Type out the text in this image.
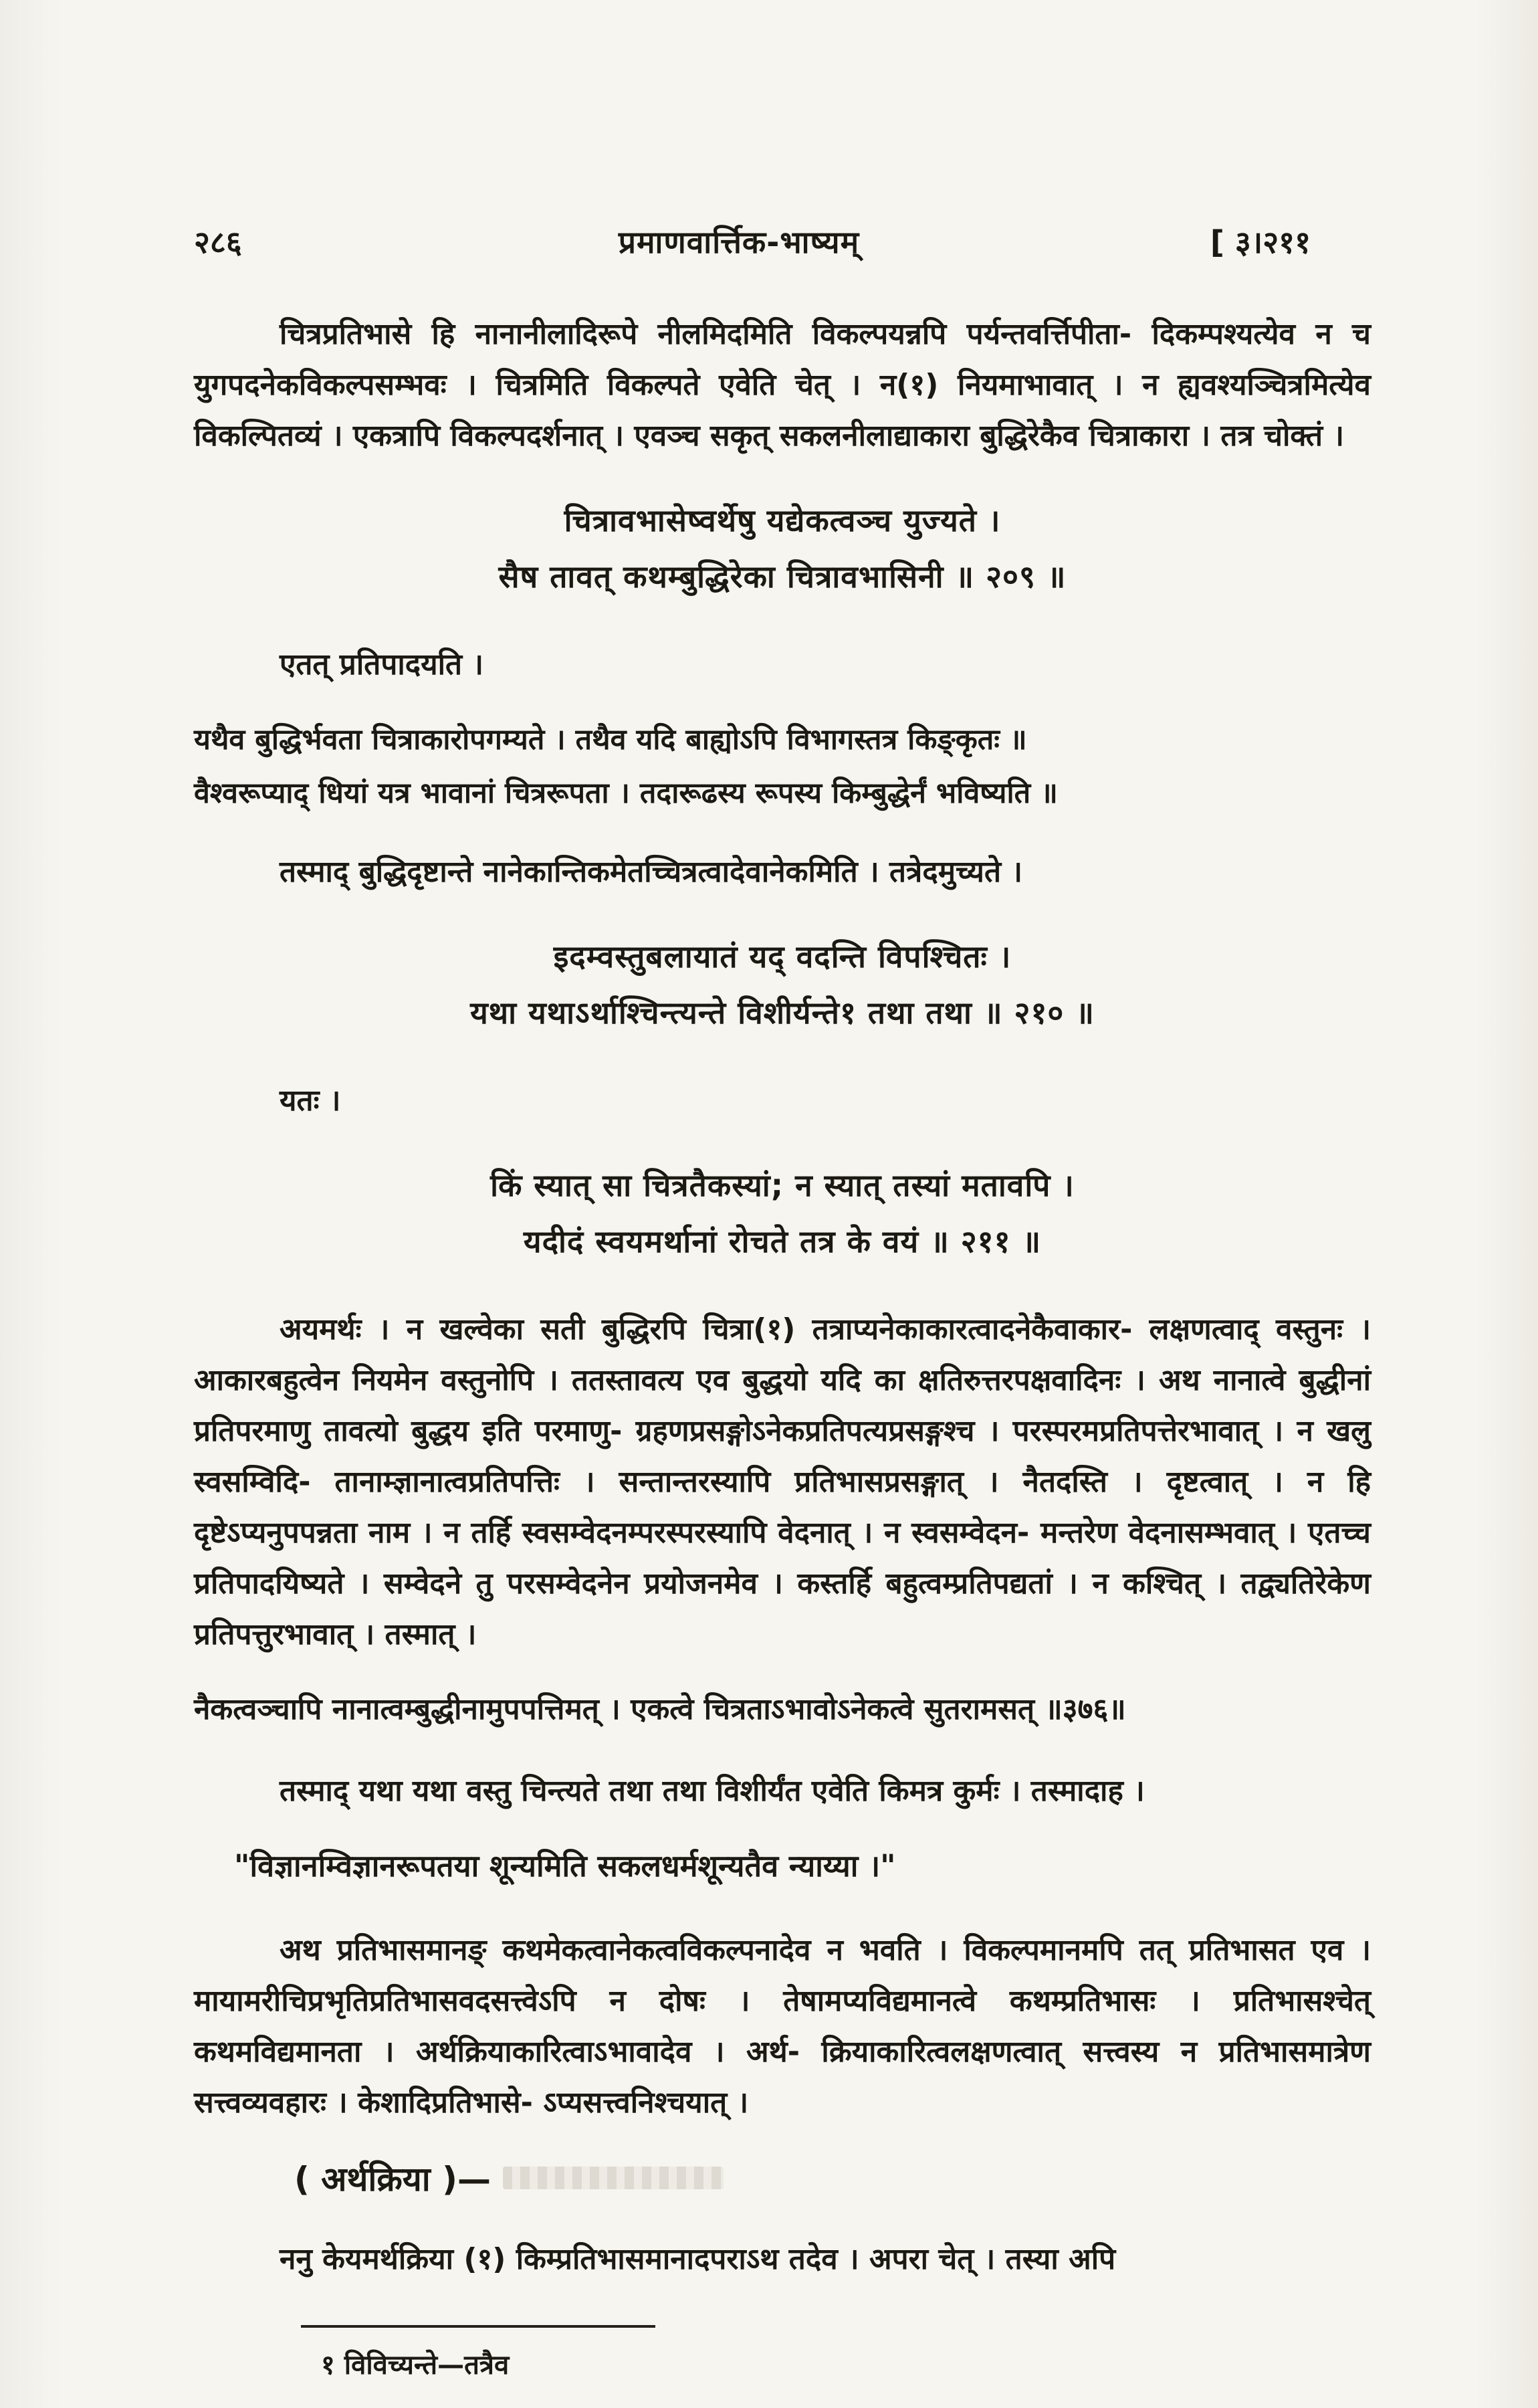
२८६	प्रमाणवार्त्तिक-भाष्यम्	[ ३।२११

चित्रप्रतिभासे हि नानानीलादिरूपे नीलमिदमिति विकल्पयन्नपि पर्यन्तवर्त्तिपीता- दिकम्पश्यत्येव न च युगपदनेकविकल्पसम्भवः । चित्रमिति विकल्पते एवेति चेत् । न(१) नियमाभावात् । न ह्यवश्यञ्चित्रमित्येव विकल्पितव्यं । एकत्रापि विकल्पदर्शनात् । एवञ्च सकृत् सकलनीलाद्याकारा बुद्धिरेकैव चित्राकारा । तत्र चोक्तं ।

चित्रावभासेष्वर्थेषु यद्येकत्वञ्च युज्यते ।
सैष तावत् कथम्बुद्धिरेका चित्रावभासिनी ॥ २०९ ॥

एतत् प्रतिपादयति ।

यथैव बुद्धिर्भवता चित्राकारोपगम्यते । तथैव यदि बाह्योऽपि विभागस्तत्र किङ्कृतः ॥
वैश्वरूप्याद् धियां यत्र भावानां चित्ररूपता । तदारूढस्य रूपस्य किम्बुद्धेर्नं भविष्यति ॥

तस्माद् बुद्धिदृष्टान्ते नानेकान्तिकमेतच्चित्रत्वादेवानेकमिति । तत्रेदमुच्यते ।

इदम्वस्तुबलायातं यद् वदन्ति विपश्चितः ।
यथा यथाऽर्थाश्चिन्त्यन्ते विशीर्यन्ते१ तथा तथा ॥ २१० ॥

यतः ।

किं स्यात् सा चित्रतैकस्यां; न स्यात् तस्यां मतावपि ।
यदीदं स्वयमर्थानां रोचते तत्र के वयं ॥ २११ ॥

अयमर्थः । न खल्वेका सती बुद्धिरपि चित्रा(१) तत्राप्यनेकाकारत्वादनेकैवाकार- लक्षणत्वाद् वस्तुनः । आकारबहुत्वेन नियमेन वस्तुनोपि । ततस्तावत्य एव बुद्धयो यदि का क्षतिरुत्तरपक्षवादिनः । अथ नानात्वे बुद्धीनां प्रतिपरमाणु तावत्यो बुद्धय इति परमाणु- ग्रहणप्रसङ्गोऽनेकप्रतिपत्यप्रसङ्गश्च । परस्परमप्रतिपत्तेरभावात् । न खलु स्वसम्विदि- तानाम्ज्ञानात्वप्रतिपत्तिः । सन्तान्तरस्यापि प्रतिभासप्रसङ्गात् । नैतदस्ति । दृष्टत्वात् । न हि दृष्टेऽप्यनुपपन्नता नाम । न तर्हि स्वसम्वेदनम्परस्परस्यापि वेदनात् । न स्वसम्वेदन- मन्तरेण वेदनासम्भवात् । एतच्च प्रतिपादयिष्यते । सम्वेदने तु परसम्वेदनेन प्रयोजनमेव । कस्तर्हि बहुत्वम्प्रतिपद्यतां । न कश्चित् । तद्व्यतिरेकेण प्रतिपत्तुरभावात् । तस्मात् ।

नैकत्वञ्चापि नानात्वम्बुद्धीनामुपपत्तिमत् । एकत्वे चित्रताऽभावोऽनेकत्वे सुतरामसत् ॥३७६॥

तस्माद् यथा यथा वस्तु चिन्त्यते तथा तथा विशीर्यंत एवेति किमत्र कुर्मः । तस्मादाह ।

"विज्ञानम्विज्ञानरूपतया शून्यमिति सकलधर्मशून्यतैव न्याय्या ।"

अथ प्रतिभासमानङ् कथमेकत्वानेकत्वविकल्पनादेव न भवति । विकल्पमानमपि तत् प्रतिभासत एव । मायामरीचिप्रभृतिप्रतिभासवदसत्त्वेऽपि न दोषः । तेषामप्यविद्यमानत्वे कथम्प्रतिभासः । प्रतिभासश्चेत् कथमविद्यमानता । अर्थक्रियाकारित्वाऽभावादेव । अर्थ- क्रियाकारित्वलक्षणत्वात् सत्त्वस्य न प्रतिभासमात्रेण सत्त्वव्यवहारः । केशादिप्रतिभासे- ऽप्यसत्त्वनिश्चयात् ।

( अर्थक्रिया )—

ननु केयमर्थक्रिया (१) किम्प्रतिभासमानादपराऽथ तदेव । अपरा चेत् । तस्या अपि

१ विविच्यन्ते—तत्रैव
